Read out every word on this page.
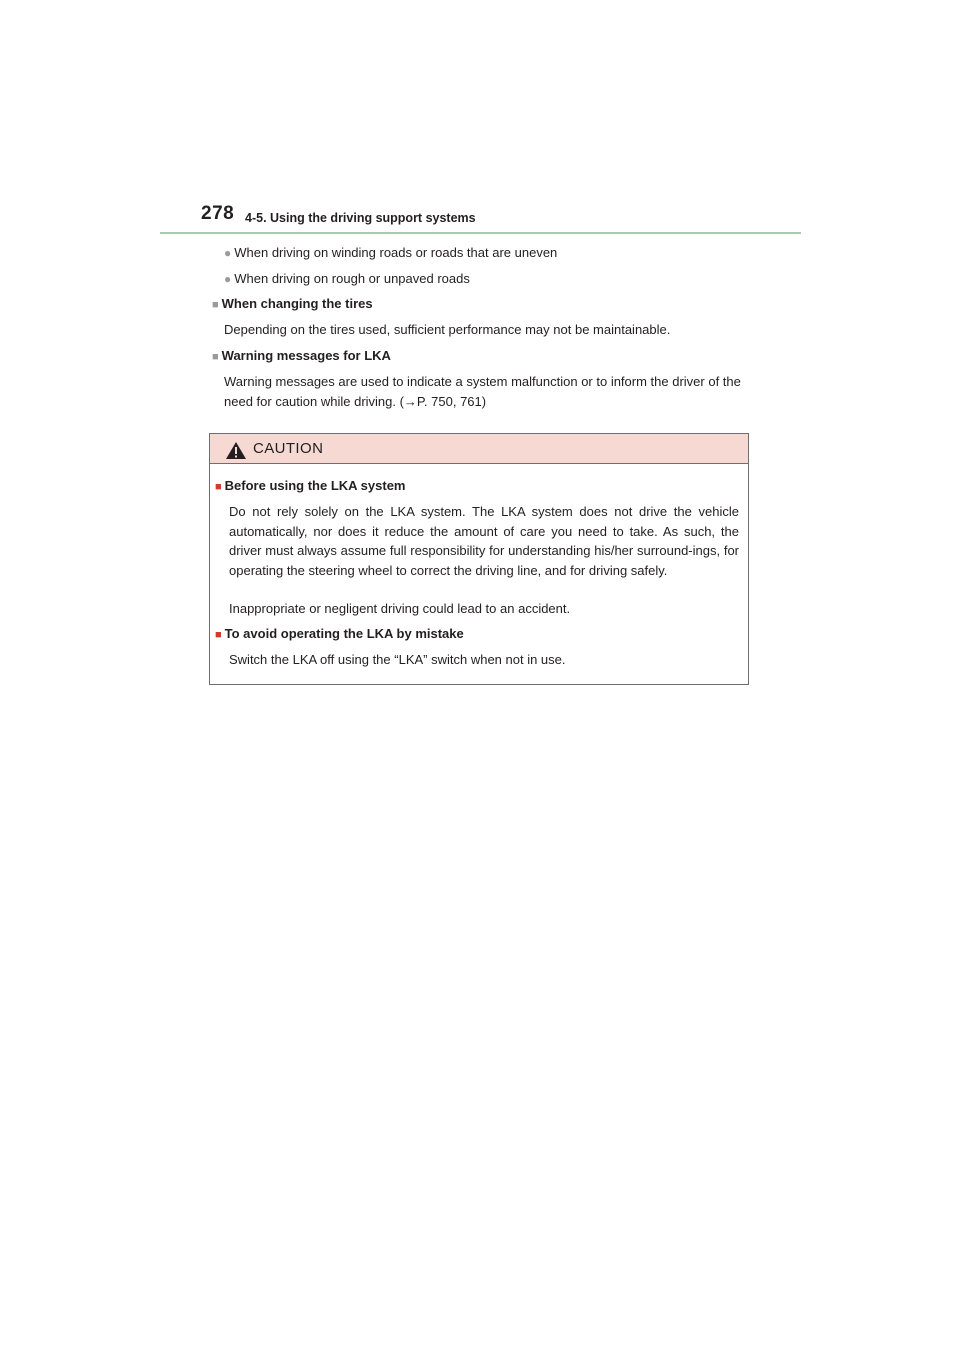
278 4-5. Using the driving support systems
● When driving on winding roads or roads that are uneven
● When driving on rough or unpaved roads
■ When changing the tires
Depending on the tires used, sufficient performance may not be maintainable.
■ Warning messages for LKA
Warning messages are used to indicate a system malfunction or to inform the driver of the need for caution while driving. (→P. 750, 761)
CAUTION
■ Before using the LKA system
Do not rely solely on the LKA system. The LKA system does not drive the vehicle automatically, nor does it reduce the amount of care you need to take. As such, the driver must always assume full responsibility for understanding his/her surround-ings, for operating the steering wheel to correct the driving line, and for driving safely.
Inappropriate or negligent driving could lead to an accident.
■ To avoid operating the LKA by mistake
Switch the LKA off using the “LKA” switch when not in use.
